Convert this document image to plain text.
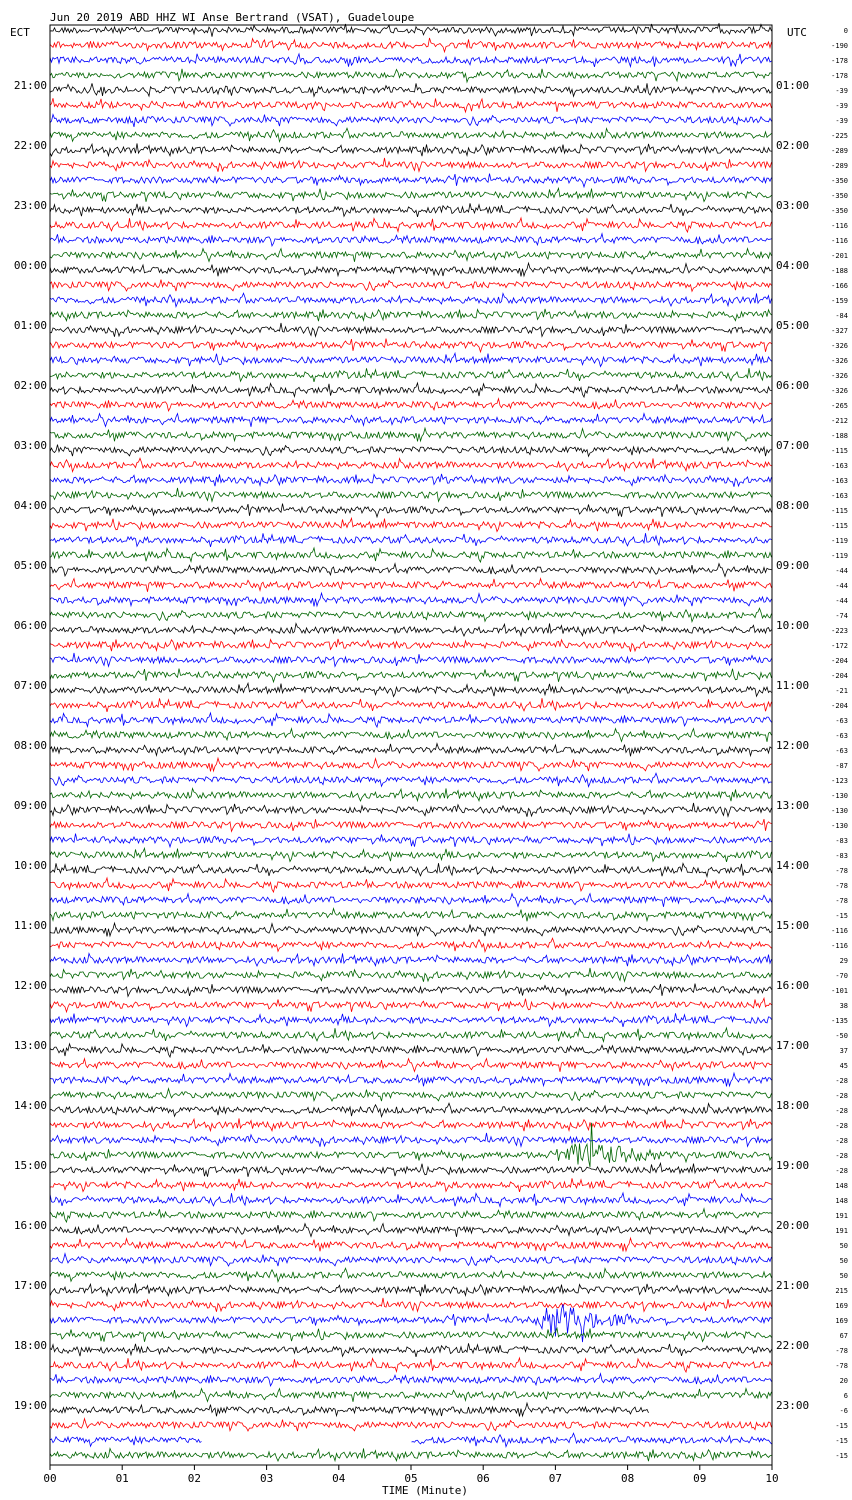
Jun 20 2019 ABD HHZ WI Anse Bertrand (VSAT), Guadeloupe
ECT	UTC
21:00
22:00
23:00
00:00
01:00
02:00
03:00
04:00
05:00
06:00
07:00
08:00
09:00
10:00
11:00
12:00
13:00
14:00
15:00
16:00
17:00
18:00
19:00
01:00
02:00
03:00
04:00
05:00
06:00
07:00
08:00
09:00
10:00
11:00
12:00
13:00
14:00
15:00
16:00
17:00
18:00
19:00
20:00
21:00
22:00
23:00
0
-190
-178
-178
-39
-39
-39
-225
-289
-289
-350
-350
-350
-116
-116
-201
-188
-166
-159
-84
-327
-326
-326
-326
-326
-265
-212
-188
-115
-163
-163
-163
-115
-115
-119
-119
-44
-44
-44
-74
-223
-172
-204
-204
-21
-204
-63
-63
-63
-87
-123
-130
-130
-130
-83
-83
-78
-78
-78
-15
-116
-116
29
-70
-101
38
-135
-50
37
45
-28
-28
-28
-28
-28
-28
-28
148
148
191
191
50
50
50
215
169
169
67
-78
-78
20
6
-6
-15
-15
-15
00	01	02	03	04	05	06	07	08	09	10
TIME (Minute)
